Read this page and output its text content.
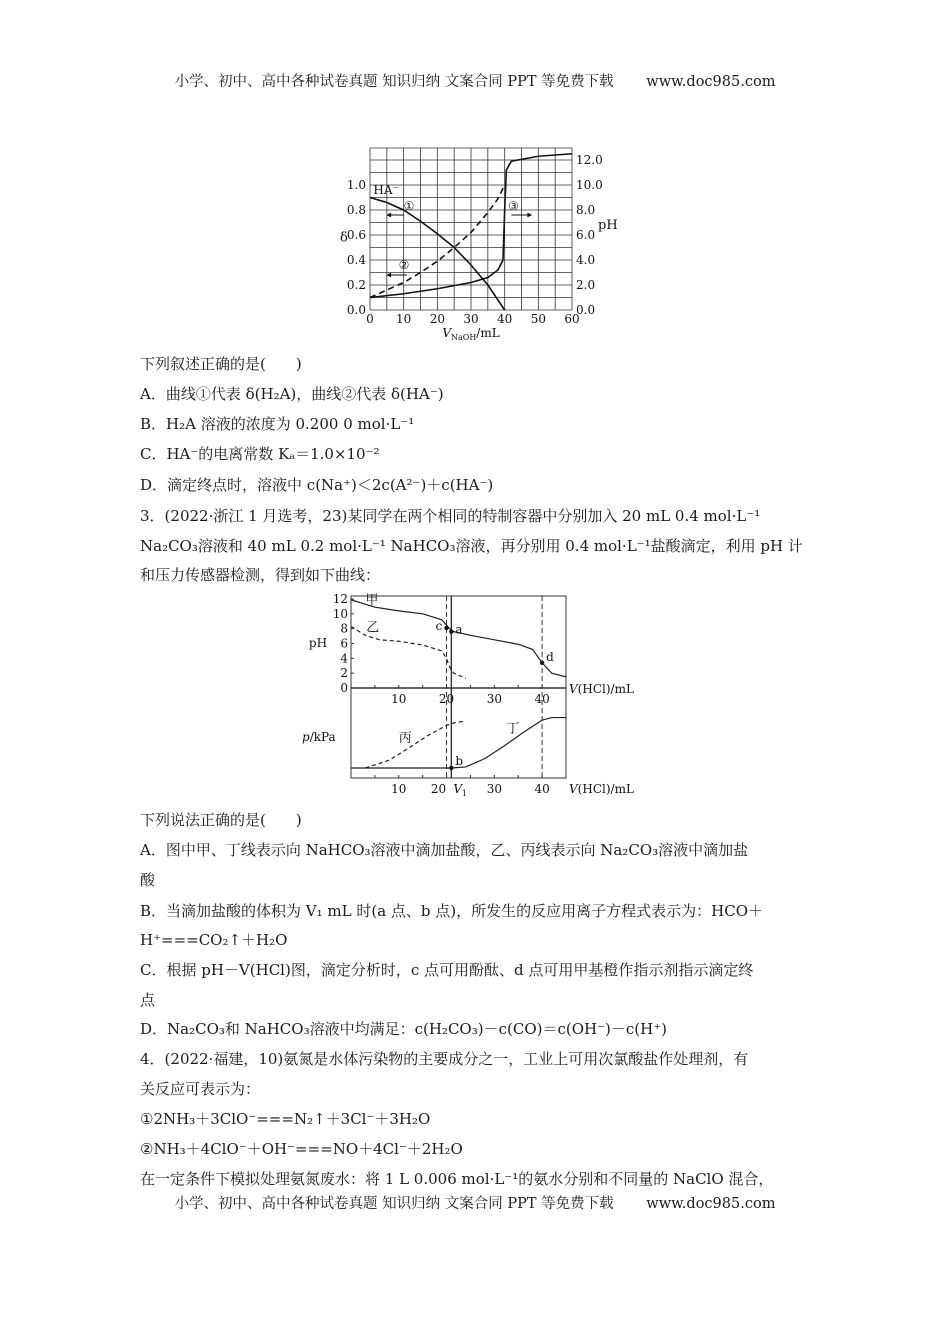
小学、初中、高中各种试卷真题 知识归纳 文案合同 PPT 等免费下载 www.doc985.com
0 10 20 30 40 50 60
0.0
0.2
0.4
0.6
0.8
1.0
0.0
2.0
4.0
6.0
8.0
10.0
12.0
δ
pH
$V_{NaOH}/mL$
HA⁻
①
②
③
下列叙述正确的是(　　)
A．曲线①代表 δ(H₂A)，曲线②代表 δ(HA⁻)
B．H₂A 溶液的浓度为 0.200 0 mol·L⁻¹
C．HA⁻的电离常数 Kₐ＝1.0×10⁻²
D．滴定终点时，溶液中 c(Na⁺)＜2c(A²⁻)＋c(HA⁻)
3．(2022·浙江 1 月选考，23)某同学在两个相同的特制容器中分别加入 20 mL 0.4 mol·L⁻¹
Na₂CO₃溶液和 40 mL 0.2 mol·L⁻¹ NaHCO₃溶液，再分别用 0.4 mol·L⁻¹盐酸滴定，利用 pH 计
和压力传感器检测，得到如下曲线：
0
2
4
6
8
10
12
pH
10	20	30	40
10 20 $V_1$ 30	40
V(HCl)/mL
V(HCl)/mL
p/kPa
甲
乙
丙
丁
c a
d
b
下列说法正确的是(　　)
A．图中甲、丁线表示向 NaHCO₃溶液中滴加盐酸，乙、丙线表示向 Na₂CO₃溶液中滴加盐
酸
B．当滴加盐酸的体积为 V₁ mL 时(a 点、b 点)，所发生的反应用离子方程式表示为：HCO＋
H⁺===CO₂↑＋H₂O
C．根据 pH－V(HCl)图，滴定分析时，c 点可用酚酞、d 点可用甲基橙作指示剂指示滴定终
点
D．Na₂CO₃和 NaHCO₃溶液中均满足：c(H₂CO₃)－c(CO)＝c(OH⁻)－c(H⁺)
4．(2022·福建，10)氨氮是水体污染物的主要成分之一，工业上可用次氯酸盐作处理剂，有
关反应可表示为：
①2NH₃＋3ClO⁻===N₂↑＋3Cl⁻＋3H₂O
②NH₃＋4ClO⁻＋OH⁻===NO＋4Cl⁻＋2H₂O
在一定条件下模拟处理氨氮废水：将 1 L 0.006 mol·L⁻¹的氨水分别和不同量的 NaClO 混合，
小学、初中、高中各种试卷真题 知识归纳 文案合同 PPT 等免费下载 www.doc985.com
